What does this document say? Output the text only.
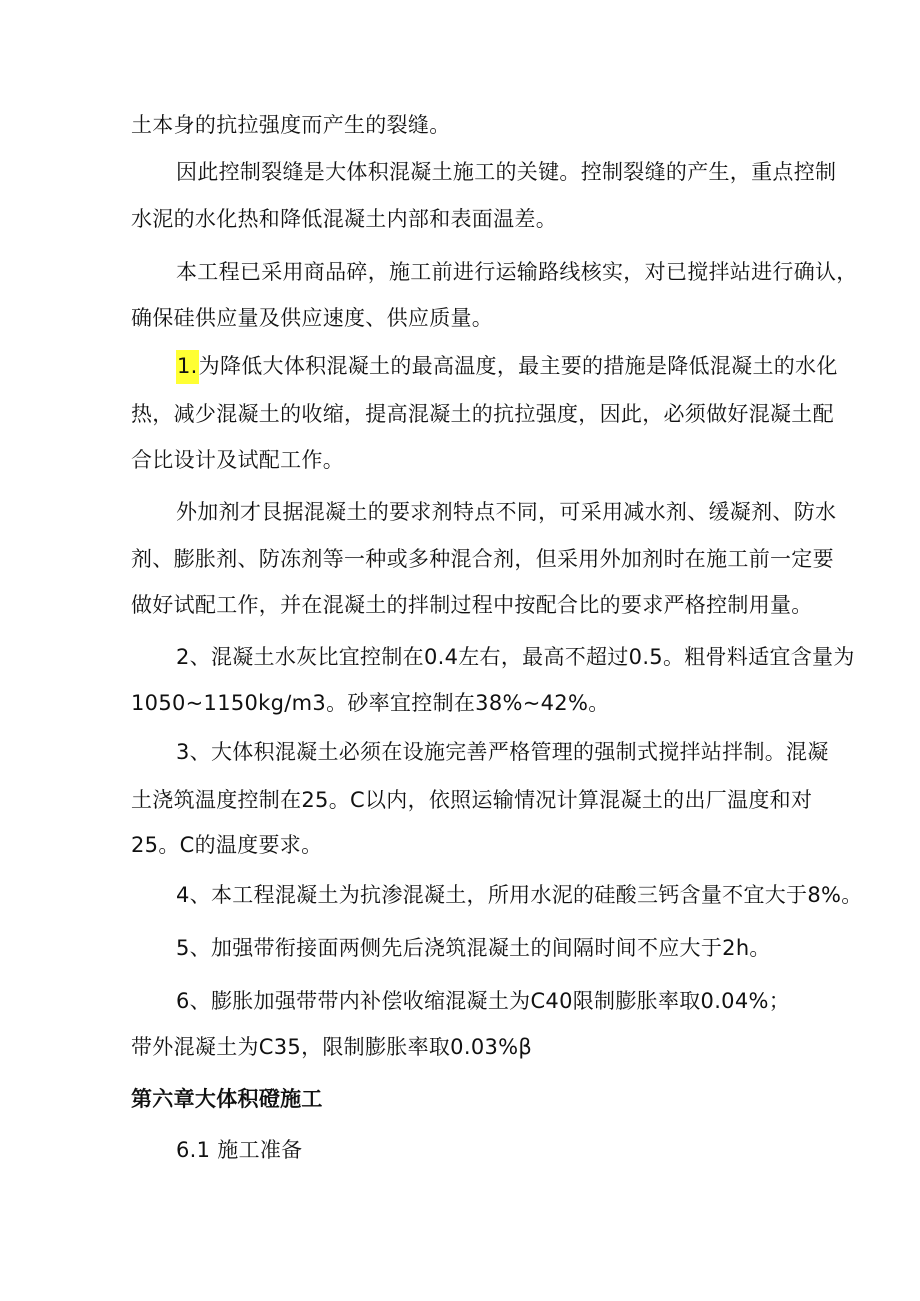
土本身的抗拉强度而产生的裂缝。

因此控制裂缝是大体积混凝土施工的关键。控制裂缝的产生，重点控制

水泥的水化热和降低混凝土内部和表面温差。

本工程已采用商品碎，施工前进行运输路线核实，对已搅拌站进行确认，

确保硅供应量及供应速度、供应质量。

1.为降低大体积混凝土的最高温度，最主要的措施是降低混凝土的水化

热，减少混凝土的收缩，提高混凝土的抗拉强度，因此，必须做好混凝土配

合比设计及试配工作。

外加剂才艮据混凝土的要求剂特点不同，可采用减水剂、缓凝剂、防水

剂、膨胀剂、防冻剂等一种或多种混合剂，但采用外加剂时在施工前一定要

做好试配工作，并在混凝土的拌制过程中按配合比的要求严格控制用量。

2、混凝土水灰比宜控制在0.4左右，最高不超过0.5。粗骨料适宜含量为

1050~1150kg∕m3。砂率宜控制在38%~42%。

3、大体积混凝土必须在设施完善严格管理的强制式搅拌站拌制。混凝

土浇筑温度控制在25。C以内，依照运输情况计算混凝土的出厂温度和对

25。C的温度要求。

4、本工程混凝土为抗渗混凝土，所用水泥的硅酸三钙含量不宜大于8%。

5、加强带衔接面两侧先后浇筑混凝土的间隔时间不应大于2h。

6、膨胀加强带带内补偿收缩混凝土为C40限制膨胀率取0.04%；

带外混凝土为C35，限制膨胀率取0.03%β

第六章大体积磴施工

6.1 施工准备
